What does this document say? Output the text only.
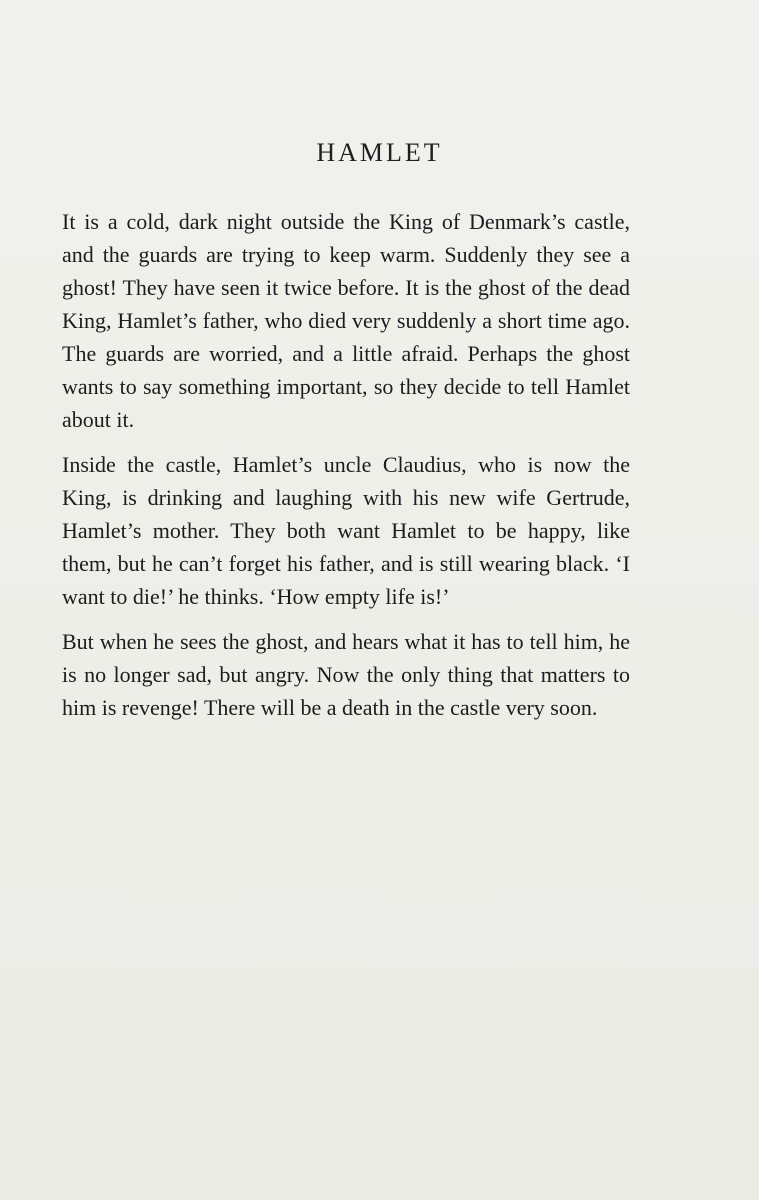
HAMLET

It is a cold, dark night outside the King of Denmark’s castle, and the guards are trying to keep warm. Suddenly they see a ghost! They have seen it twice before. It is the ghost of the dead King, Hamlet’s father, who died very suddenly a short time ago. The guards are worried, and a little afraid. Perhaps the ghost wants to say something important, so they decide to tell Hamlet about it.

Inside the castle, Hamlet’s uncle Claudius, who is now the King, is drinking and laughing with his new wife Gertrude, Hamlet’s mother. They both want Hamlet to be happy, like them, but he can’t forget his father, and is still wearing black. ‘I want to die!’ he thinks. ‘How empty life is!’

But when he sees the ghost, and hears what it has to tell him, he is no longer sad, but angry. Now the only thing that matters to him is revenge! There will be a death in the castle very soon.
